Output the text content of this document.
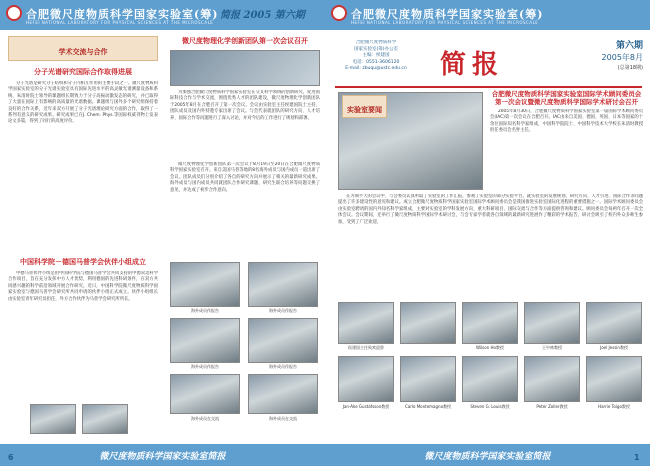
合肥微尺度物质科学国家实验室(筹)
HEFEI NATIONAL LABORATORY FOR PHYSICAL SCIENCES AT THE MICROSCALE
简报 2005 第六期
学术交流与合作
分子光谱研究国际合作取得进展
分子光谱是研究分子结构和分子内相互作用的主要手段之一。微尺度物质科学国家实验室的分子光谱实验室具有国际先进水平的高灵敏光谱测量设备和系统，朱清时院士领导的课题组长期致力于分子高振动激发态的研究，并已取得了大量在国际上有影响的高质量的光谱数据。课题组与国外多个研究组保持着良好的合作关系，近年来双方开展了分子光谱理论研究方面的合作，取得了一系列有意义的研究成果。研究成果已在J. Chem. Phys.等国际权威刊物上发表论文多篇，得到了同行的高度评价。
中国科学院－德国马普学会伙伴小组成立
中德马普伙伴小组是由中国科学院与德国马普学会共同支持的中德双边科学合作项目，旨在充分发挥中方人才优势，利用德国的先进科研条件，在双方共同感兴趣的科学前沿领域开展合作研究。近日，中国科学院微尺度物质科学国家实验室与德国马普学会研究所共同申请的伙伴小组正式成立。伙伴小组组长由实验室青年研究员担任，外方合作伙伴为马普学会研究所所长。
微尺度物理化学创新团队第一次会议召开
为加强合肥微尺度物质科学国家实验室在交叉科学领域的创新研究，促进国际科技合作与学术交流，围绕优秀人才的团队建设，微尺度物理化学创新团队于2005年8月在合肥召开了第一次会议。会议由实验室主任侯建国院士主持，团队成员及国内外特邀专家出席了会议。与会代表就团队的研究方向、人才培养、国际合作等问题进行了深入讨论，并对今后的工作进行了规划和部署。
微尺度物理化学创新团队第一次会议于8月19日至20日在合肥微尺度物质科学国家实验室召开。来自美国马普等地的8名海外成员与国内成员一道出席了会议。团队成员们分别介绍了各自的研究方向并展示了相关的最新研究成果。海外成员与国内成员共同就团队合作研究课题、研究生联合培养等问题交换了意见，并达成了初步合作意向。
海外成员作报告	海外成员作报告
海外成员作报告	海外成员作报告
海外成员在交流	海外成员在交流
微尺度物质科学国家实验室简报
6
合肥微尺度物质科学国家实验室(筹)
HEFEI NATIONAL LABORATORY FOR PHYSICAL SCIENCES AT THE MICROSCALE
合肥微尺度物质科学
国家实验室(筹)办公室
主编：侯建国
电话：0551-3606120
E-mail: zbuqu@ustc.edu.cn	简报
第六期
2005年8月
(总第18期)
实验室要闻
合肥微尺度物质科学国家实验室国际学术顾问委员会第一次会议暨微尺度物质科学国际学术研讨会召开
2005年8月30日，合肥微尺度物质科学国家实验室第一届国际学术顾问委员会(IAC)第一次会议在合肥召开。IAC由来自美国、德国、英国、日本等国家的十余位国际知名科学家组成，中国科学院院士、中国科学技术大学校长朱清时教授担任委员会名誉主任。
在为期半天的会议中，与会委员认真听取了实验室的工作汇报，参观了实验室的部分实验平台，就实验室的发展规划、研究方向、人才引进、国际合作等问题提出了许多建设性的意见和建议。成立合肥微尺度物质科学国家实验室国际学术顾问委员会是我国推进实验室国际化进程的重要措施之一。国际学术顾问委员会由实验室聘请的国内外知名科学家组成，主要对实验室的学科发展方向、重大科研项目、国际交流与合作等方面提供咨询和建议。顾问委员会每两年召开一次全体会议。会议期间，还举行了微尺度物质科学国际学术研讨会，与会专家学者就各自领域的最新研究进展作了精彩的学术报告，研讨会吸引了校内外众多师生参加，受到了广泛欢迎。
侯建国主任致欢迎辞	Wilson Ho教授	王中林教授	Joel Jessin教授
Jan-Ake Gustafsson教授	Carlo Montemagno教授	Steven G. Louis教授	Peter Zoller教授	Harrie Toigo教授
微尺度物质科学国家实验室简报	1
